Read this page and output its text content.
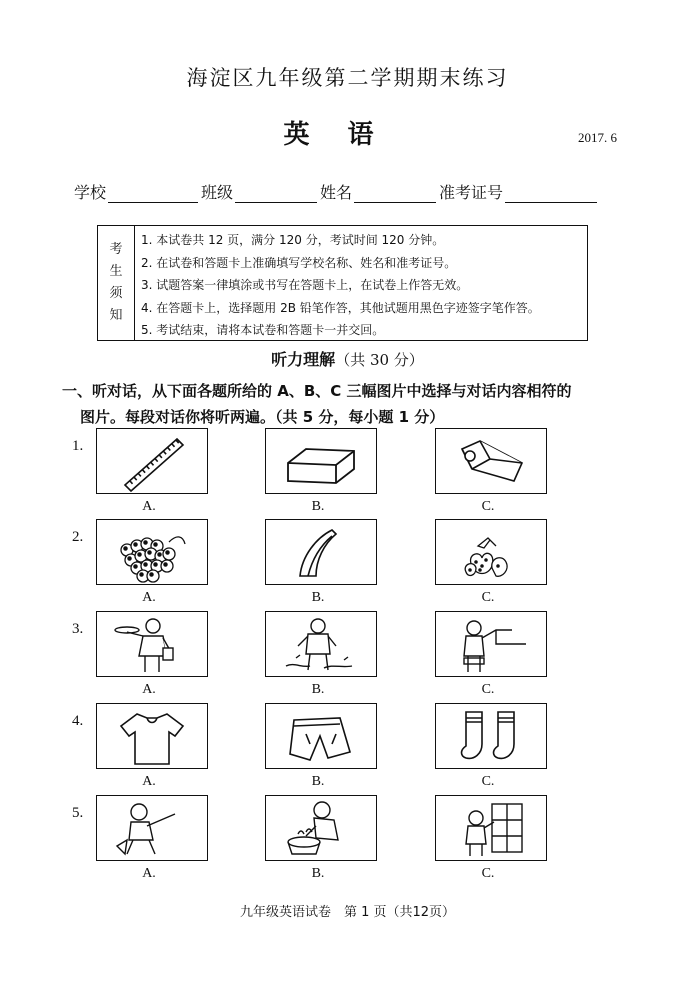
海淀区九年级第二学期期末练习
英语	2017. 6
学校	班级	姓名	准考证号
考
生
须
知
1. 本试卷共 12 页，满分 120 分，考试时间 120 分钟。
2. 在试卷和答题卡上准确填写学校名称、姓名和准考证号。
3. 试题答案一律填涂或书写在答题卡上，在试卷上作答无效。
4. 在答题卡上，选择题用 2B 铅笔作答，其他试题用黑色字迹签字笔作答。
5. 考试结束，请将本试卷和答题卡一并交回。
听力理解（共 30 分）
一、听对话，从下面各题所给的 A、B、C 三幅图片中选择与对话内容相符的
图片。每段对话你将听两遍。（共 5 分，每小题 1 分）
1.
A.	B.	C.
2.
A.	B.	C.
3.
A.	B.	C.
4.
A.	B.	C.
5.
A.	B.	C.
九年级英语试卷　第 1 页（共12页）
